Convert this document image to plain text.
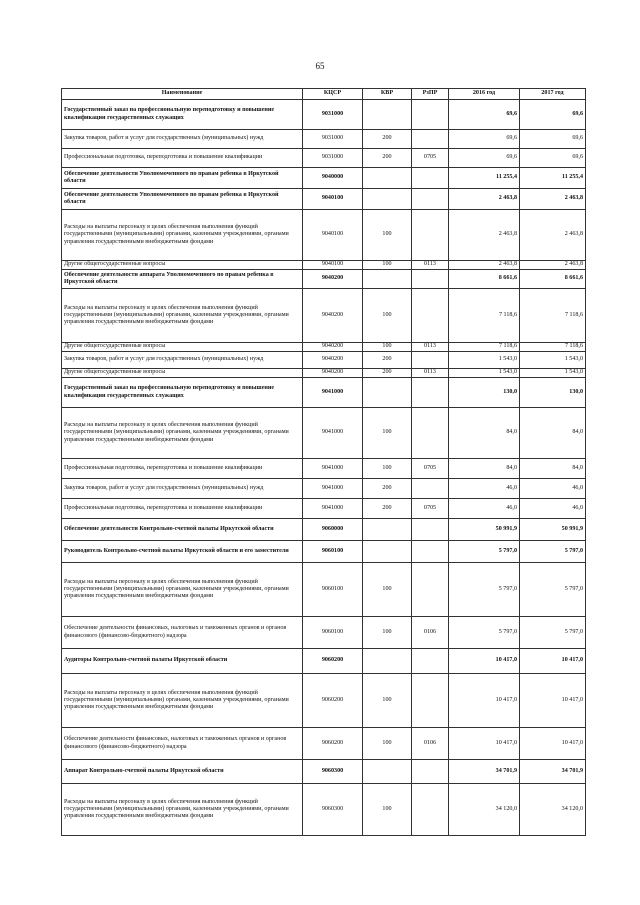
65
Наименование	КЦСР	КВР	РзПР	2016 год	2017 год
Государственный заказ на профессиональную переподготовку и повышение квалификации государственных служащих	9031000			69,6	69,6
Закупка товаров, работ и услуг для государственных (муниципальных) нужд	9031000	200		69,6	69,6
Профессиональная подготовка, переподготовка и повышение квалификации	9031000	200	0705	69,6	69,6
Обеспечение деятельности Уполномоченного по правам ребенка в Иркутской области	9040000			11 255,4	11 255,4
Обеспечение деятельности Уполномоченного по правам ребенка в Иркутской области	9040100			2 463,8	2 463,8
Расходы на выплаты персоналу в целях обеспечения выполнения функций государственными (муниципальными) органами, казенными учреждениями, органами управления государственными внебюджетными фондами	9040100	100		2 463,8	2 463,8
Другие общегосударственные вопросы	9040100	100	0113	2 463,8	2 463,8
Обеспечение деятельности аппарата Уполномоченного по правам ребенка в Иркутской области	9040200			8 661,6	8 661,6
Расходы на выплаты персоналу в целях обеспечения выполнения функций государственными (муниципальными) органами, казенными учреждениями, органами управления государственными внебюджетными фондами	9040200	100		7 118,6	7 118,6
Другие общегосударственные вопросы	9040200	100	0113	7 118,6	7 118,6
Закупка товаров, работ и услуг для государственных (муниципальных) нужд	9040200	200		1 543,0	1 543,0
Другие общегосударственные вопросы	9040200	200	0113	1 543,0	1 543,0
Государственный заказ на профессиональную переподготовку и повышение квалификации государственных служащих	9041000			130,0	130,0
Расходы на выплаты персоналу в целях обеспечения выполнения функций государственными (муниципальными) органами, казенными учреждениями, органами управления государственными внебюджетными фондами	9041000	100		84,0	84,0
Профессиональная подготовка, переподготовка и повышение квалификации	9041000	100	0705	84,0	84,0
Закупка товаров, работ и услуг для государственных (муниципальных) нужд	9041000	200		46,0	46,0
Профессиональная подготовка, переподготовка и повышение квалификации	9041000	200	0705	46,0	46,0
Обеспечение деятельности Контрольно-счетной палаты Иркутской области	9060000			50 991,9	50 991,9
Руководитель Контрольно-счетной палаты Иркутской области и его заместители	9060100			5 797,0	5 797,0
Расходы на выплаты персоналу в целях обеспечения выполнения функций государственными (муниципальными) органами, казенными учреждениями, органами управления государственными внебюджетными фондами	9060100	100		5 797,0	5 797,0
Обеспечение деятельности финансовых, налоговых и таможенных органов и органов финансового (финансово-бюджетного) надзора	9060100	100	0106	5 797,0	5 797,0
Аудиторы Контрольно-счетной палаты Иркутской области	9060200			10 417,0	10 417,0
Расходы на выплаты персоналу в целях обеспечения выполнения функций государственными (муниципальными) органами, казенными учреждениями, органами управления государственными внебюджетными фондами	9060200	100		10 417,0	10 417,0
Обеспечение деятельности финансовых, налоговых и таможенных органов и органов финансового (финансово-бюджетного) надзора	9060200	100	0106	10 417,0	10 417,0
Аппарат Контрольно-счетной палаты Иркутской области	9060300			34 701,9	34 701,9
Расходы на выплаты персоналу в целях обеспечения выполнения функций государственными (муниципальными) органами, казенными учреждениями, органами управления государственными внебюджетными фондами	9060300	100		34 120,0	34 120,0
